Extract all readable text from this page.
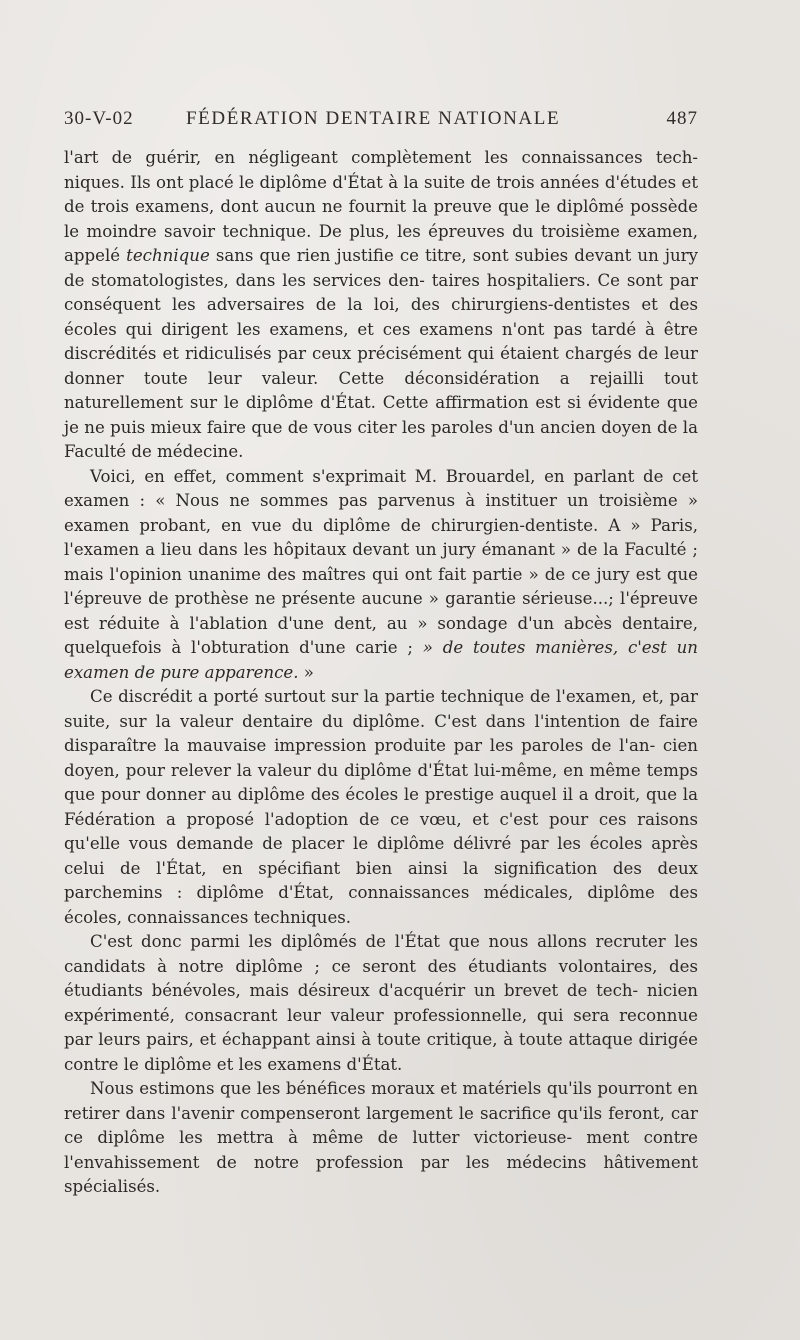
30-V-02	FÉDÉRATION DENTAIRE NATIONALE	487

l'art de guérir, en négligeant complètement les connaissances tech- niques. Ils ont placé le diplôme d'État à la suite de trois années d'études et de trois examens, dont aucun ne fournit la preuve que le diplômé possède le moindre savoir technique. De plus, les épreuves du troisième examen, appelé technique sans que rien justifie ce titre, sont subies devant un jury de stomatologistes, dans les services den- taires hospitaliers. Ce sont par conséquent les adversaires de la loi, des chirurgiens-dentistes et des écoles qui dirigent les examens, et ces examens n'ont pas tardé à être discrédités et ridiculisés par ceux précisément qui étaient chargés de leur donner toute leur valeur. Cette déconsidération a rejailli tout naturellement sur le diplôme d'État. Cette affirmation est si évidente que je ne puis mieux faire que de vous citer les paroles d'un ancien doyen de la Faculté de médecine.

Voici, en effet, comment s'exprimait M. Brouardel, en parlant de cet examen : « Nous ne sommes pas parvenus à instituer un troisième » examen probant, en vue du diplôme de chirurgien-dentiste. A » Paris, l'examen a lieu dans les hôpitaux devant un jury émanant » de la Faculté ; mais l'opinion unanime des maîtres qui ont fait partie » de ce jury est que l'épreuve de prothèse ne présente aucune » garantie sérieuse...; l'épreuve est réduite à l'ablation d'une dent, au » sondage d'un abcès dentaire, quelquefois à l'obturation d'une carie ; » de toutes manières, c'est un examen de pure apparence. »

Ce discrédit a porté surtout sur la partie technique de l'examen, et, par suite, sur la valeur dentaire du diplôme. C'est dans l'intention de faire disparaître la mauvaise impression produite par les paroles de l'an- cien doyen, pour relever la valeur du diplôme d'État lui-même, en même temps que pour donner au diplôme des écoles le prestige auquel il a droit, que la Fédération a proposé l'adoption de ce vœu, et c'est pour ces raisons qu'elle vous demande de placer le diplôme délivré par les écoles après celui de l'État, en spécifiant bien ainsi la signification des deux parchemins : diplôme d'État, connaissances médicales, diplôme des écoles, connaissances techniques.

C'est donc parmi les diplômés de l'État que nous allons recruter les candidats à notre diplôme ; ce seront des étudiants volontaires, des étudiants bénévoles, mais désireux d'acquérir un brevet de tech- nicien expérimenté, consacrant leur valeur professionnelle, qui sera reconnue par leurs pairs, et échappant ainsi à toute critique, à toute attaque dirigée contre le diplôme et les examens d'État.

Nous estimons que les bénéfices moraux et matériels qu'ils pourront en retirer dans l'avenir compenseront largement le sacrifice qu'ils feront, car ce diplôme les mettra à même de lutter victorieuse- ment contre l'envahissement de notre profession par les médecins hâtivement spécialisés.
